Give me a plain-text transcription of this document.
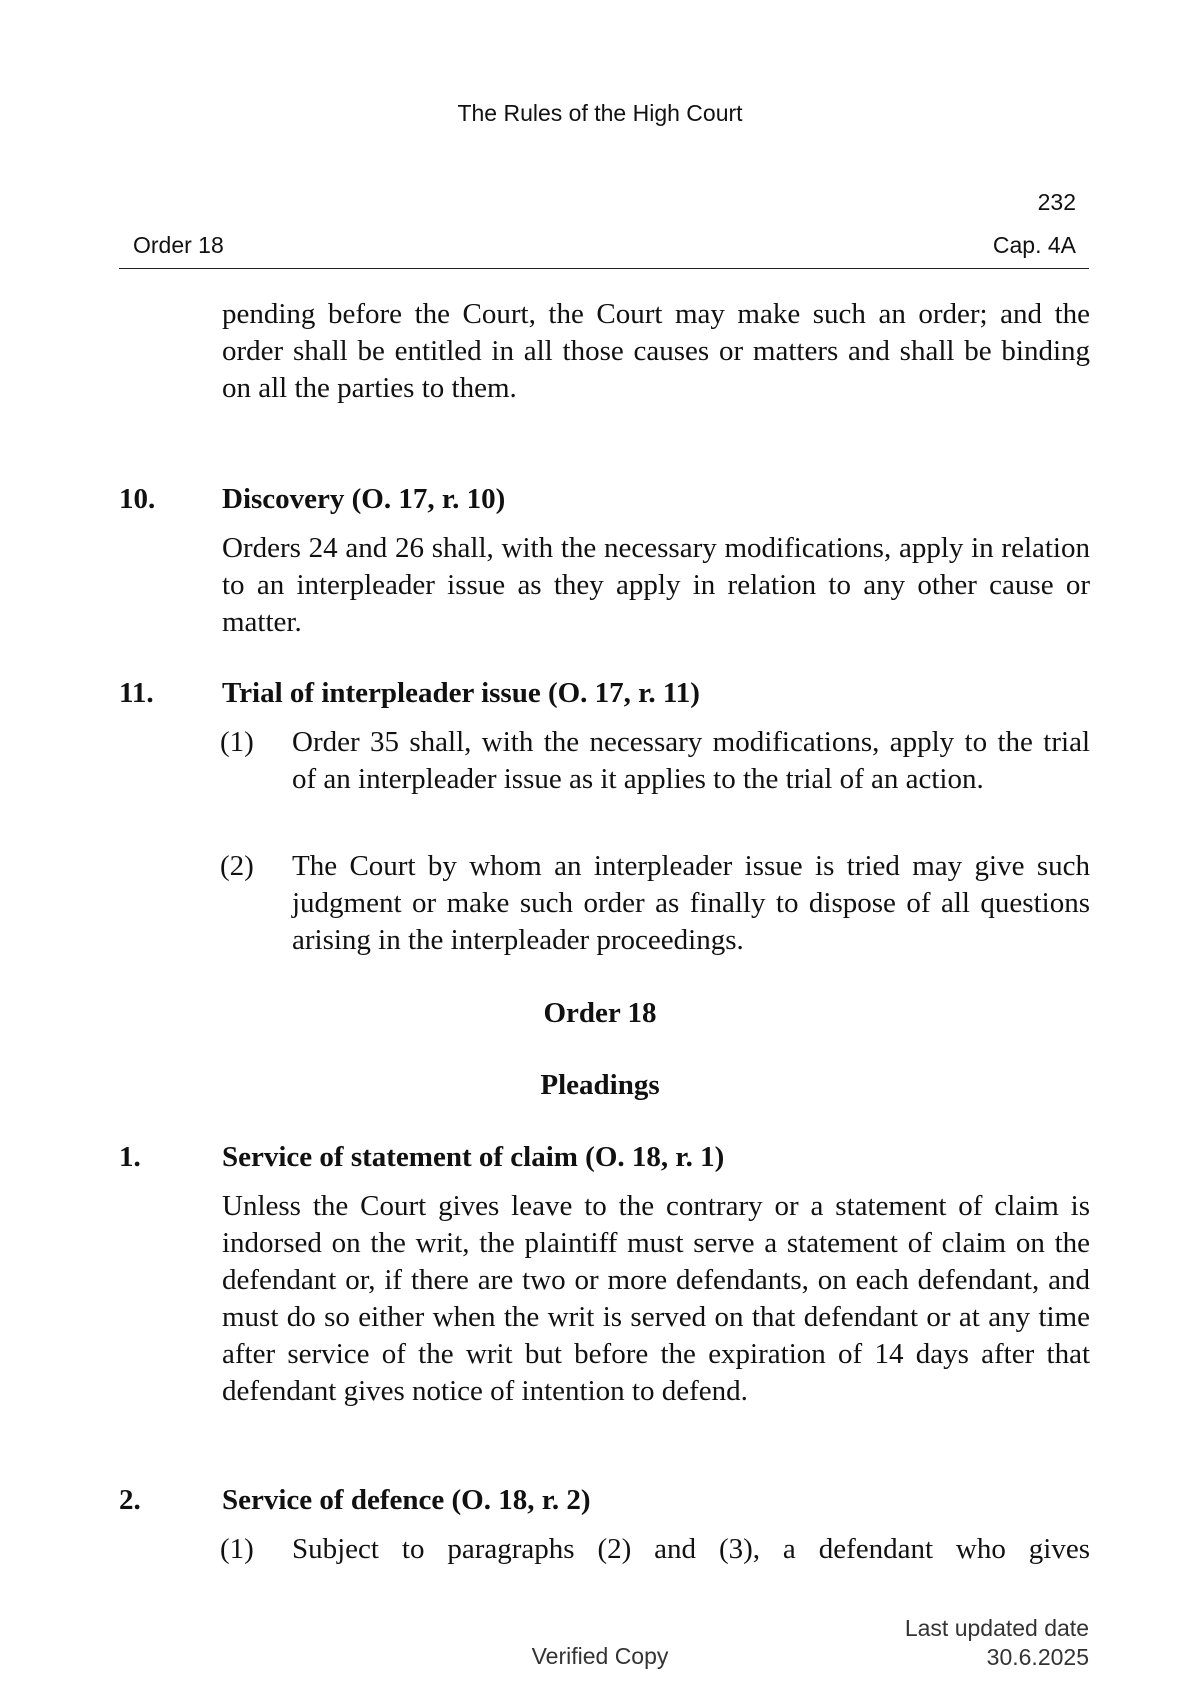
The Rules of the High Court
232
Order 18	Cap. 4A
pending before the Court, the Court may make such an order; and the order shall be entitled in all those causes or matters and shall be binding on all the parties to them.
10. Discovery (O. 17, r. 10)
Orders 24 and 26 shall, with the necessary modifications, apply in relation to an interpleader issue as they apply in relation to any other cause or matter.
11. Trial of interpleader issue (O. 17, r. 11)
(1) Order 35 shall, with the necessary modifications, apply to the trial of an interpleader issue as it applies to the trial of an action.
(2) The Court by whom an interpleader issue is tried may give such judgment or make such order as finally to dispose of all questions arising in the interpleader proceedings.
Order 18
Pleadings
1.	Service of statement of claim (O. 18, r. 1)
Unless the Court gives leave to the contrary or a statement of claim is indorsed on the writ, the plaintiff must serve a statement of claim on the defendant or, if there are two or more defendants, on each defendant, and must do so either when the writ is served on that defendant or at any time after service of the writ but before the expiration of 14 days after that defendant gives notice of intention to defend.
2.	Service of defence (O. 18, r. 2)
(1) Subject to paragraphs (2) and (3), a defendant who gives
Verified Copy
Last updated date
30.6.2025
